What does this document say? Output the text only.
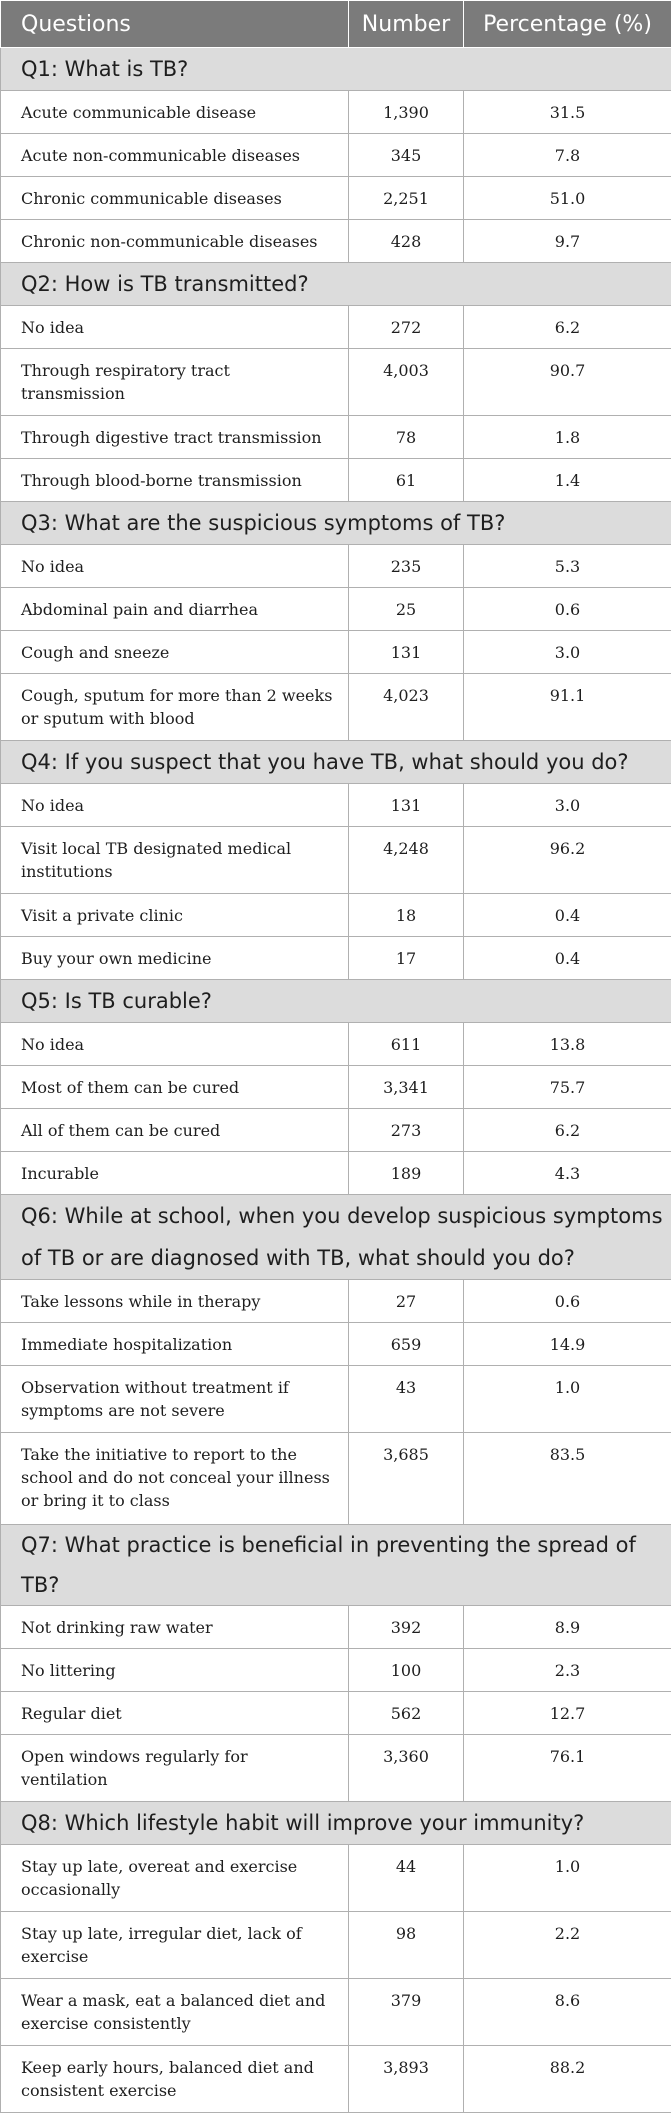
Questions	Number	Percentage (%)
Q1: What is TB?		
Acute communicable disease	1,390	31.5
Acute non-communicable diseases	345	7.8
Chronic communicable diseases	2,251	51.0
Chronic non-communicable diseases	428	9.7
Q2: How is TB transmitted?		
No idea	272	6.2
Through respiratory tract transmission	4,003	90.7
Through digestive tract transmission	78	1.8
Through blood-borne transmission	61	1.4
Q3: What are the suspicious symptoms of TB?		
No idea	235	5.3
Abdominal pain and diarrhea	25	0.6
Cough and sneeze	131	3.0
Cough, sputum for more than 2 weeks or sputum with blood	4,023	91.1
Q4: If you suspect that you have TB, what should you do?		
No idea	131	3.0
Visit local TB designated medical institutions	4,248	96.2
Visit a private clinic	18	0.4
Buy your own medicine	17	0.4
Q5: Is TB curable?		
No idea	611	13.8
Most of them can be cured	3,341	75.7
All of them can be cured	273	6.2
Incurable	189	4.3
Q6: While at school, when you develop suspicious symptoms of TB or are diagnosed with TB, what should you do?		
Take lessons while in therapy	27	0.6
Immediate hospitalization	659	14.9
Observation without treatment if symptoms are not severe	43	1.0
Take the initiative to report to the school and do not conceal your illness or bring it to class	3,685	83.5
Q7: What practice is beneficial in preventing the spread of TB?		
Not drinking raw water	392	8.9
No littering	100	2.3
Regular diet	562	12.7
Open windows regularly for ventilation	3,360	76.1
Q8: Which lifestyle habit will improve your immunity?		
Stay up late, overeat and exercise occasionally	44	1.0
Stay up late, irregular diet, lack of exercise	98	2.2
Wear a mask, eat a balanced diet and exercise consistently	379	8.6
Keep early hours, balanced diet and consistent exercise	3,893	88.2
